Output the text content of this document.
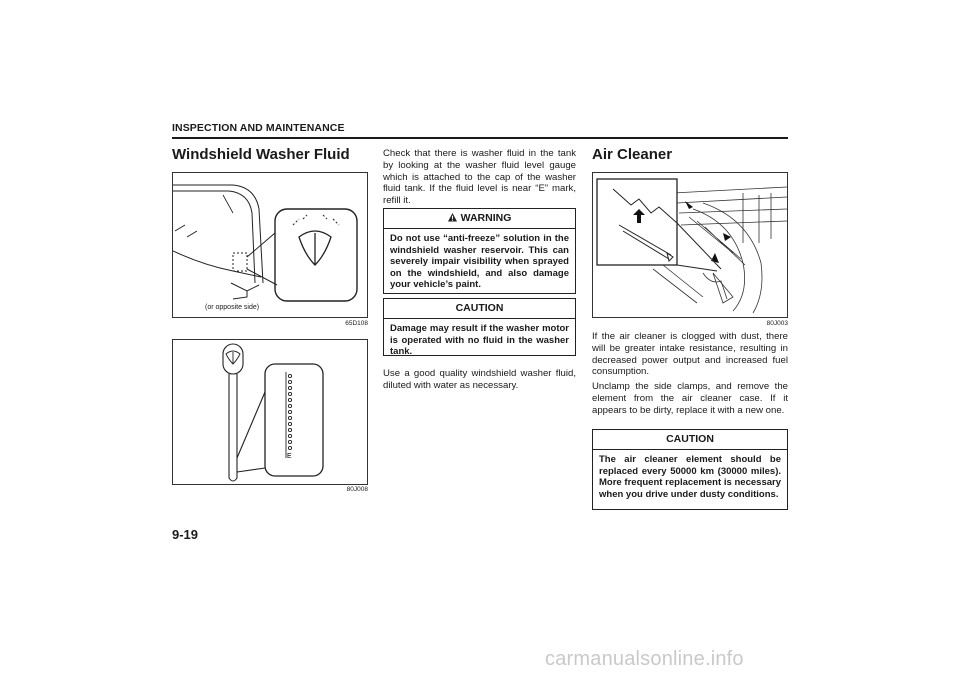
INSPECTION AND MAINTENANCE
9-19
Windshield Washer Fluid
(or opposite side)
65D108
E
80J008
Check that there is washer fluid in the tank by looking at the washer fluid level gauge which is attached to the cap of the washer fluid tank. If the fluid level is near “E” mark, refill it.
WARNING
Do not use “anti-freeze” solution in the windshield washer reservoir. This can severely impair visibility when sprayed on the windshield, and also damage your vehicle’s paint.
CAUTION
Damage may result if the washer motor is operated with no fluid in the washer tank.
Use a good quality windshield washer fluid, diluted with water as necessary.
Air Cleaner
80J003
If the air cleaner is clogged with dust, there will be greater intake resistance, resulting in decreased power output and increased fuel consumption.
Unclamp the side clamps, and remove the element from the air cleaner case. If it appears to be dirty, replace it with a new one.
CAUTION
The air cleaner element should be replaced every 50000 km (30000 miles). More frequent replacement is necessary when you drive under dusty conditions.
carmanualsonline.info
